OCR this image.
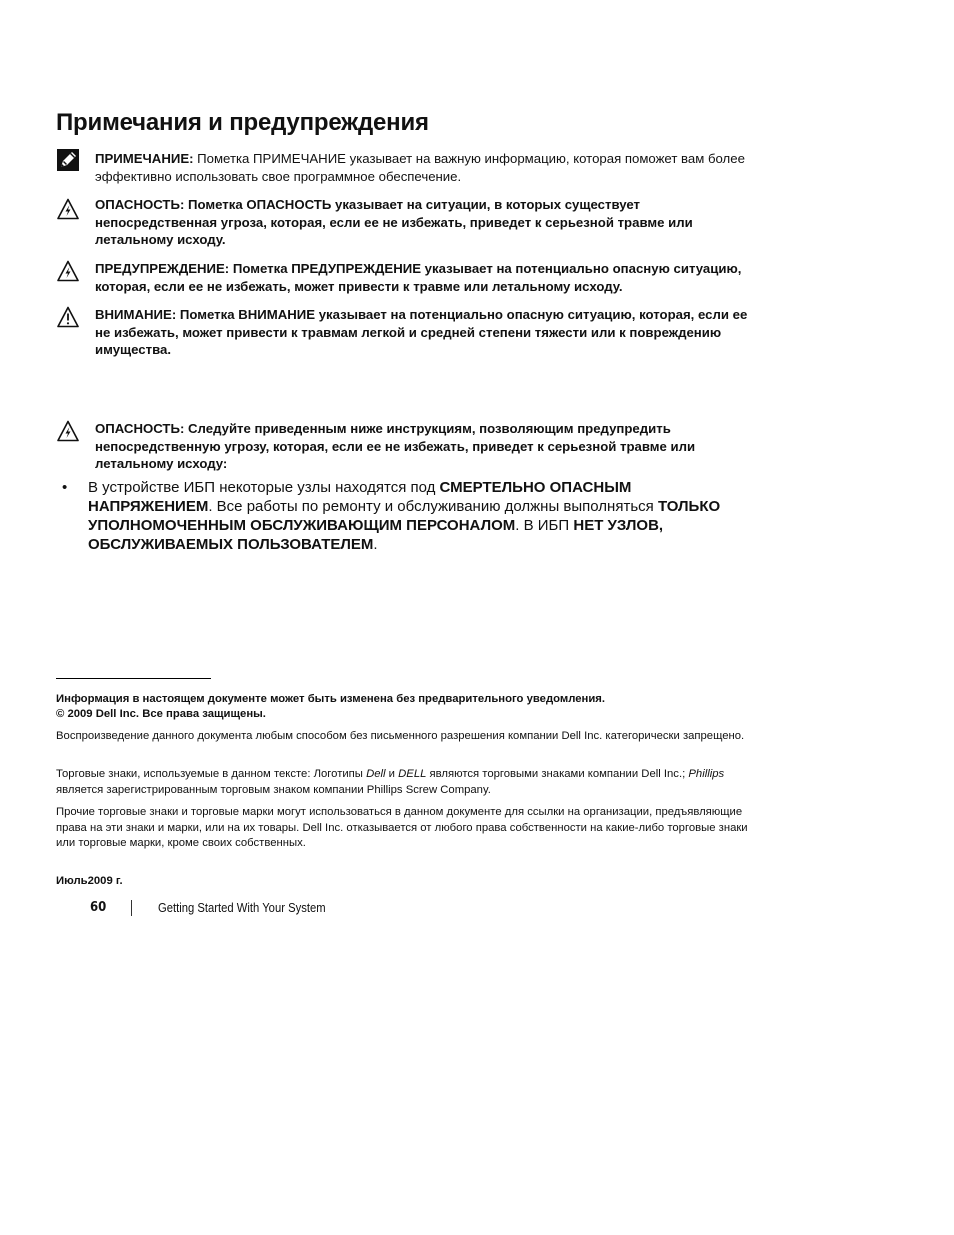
Примечания и предупреждения
ПРИМЕЧАНИЕ: Пометка ПРИМЕЧАНИЕ указывает на важную информацию, которая поможет вам более эффективно использовать свое программное обеспечение.
ОПАСНОСТЬ: Пометка ОПАСНОСТЬ указывает на ситуации, в которых существует непосредственная угроза, которая, если ее не избежать, приведет к серьезной травме или летальному исходу.
ПРЕДУПРЕЖДЕНИЕ: Пометка ПРЕДУПРЕЖДЕНИЕ указывает на потенциально опасную ситуацию, которая, если ее не избежать, может привести к травме или летальному исходу.
ВНИМАНИЕ: Пометка ВНИМАНИЕ указывает на потенциально опасную ситуацию, которая, если ее не избежать, может привести к травмам легкой и средней степени тяжести или к повреждению имущества.
ОПАСНОСТЬ: Следуйте приведенным ниже инструкциям, позволяющим предупредить непосредственную угрозу, которая, если ее не избежать, приведет к серьезной травме или летальному исходу:
• В устройстве ИБП некоторые узлы находятся под СМЕРТЕЛЬНО ОПАСНЫМ НАПРЯЖЕНИЕМ. Все работы по ремонту и обслуживанию должны выполняться ТОЛЬКО УПОЛНОМОЧЕННЫМ ОБСЛУЖИВАЮЩИМ ПЕРСОНАЛОМ. В ИБП НЕТ УЗЛОВ, ОБСЛУЖИВАЕМЫХ ПОЛЬЗОВАТЕЛЕМ.
Информация в настоящем документе может быть изменена без предварительного уведомления.
© 2009 Dell Inc. Все права защищены.
Воспроизведение данного документа любым способом без письменного разрешения компании Dell Inc. категорически запрещено.
Торговые знаки, используемые в данном тексте: Логотипы Dell и DELL являются торговыми знаками компании Dell Inc.; Phillips является зарегистрированным торговым знаком компании Phillips Screw Company.
Прочие торговые знаки и торговые марки могут использоваться в данном документе для ссылки на организации, предъявляющие права на эти знаки и марки, или на их товары. Dell Inc. отказывается от любого права собственности на какие-либо торговые знаки или торговые марки, кроме своих собственных.
Июль2009 г.
60	Getting Started With Your System
